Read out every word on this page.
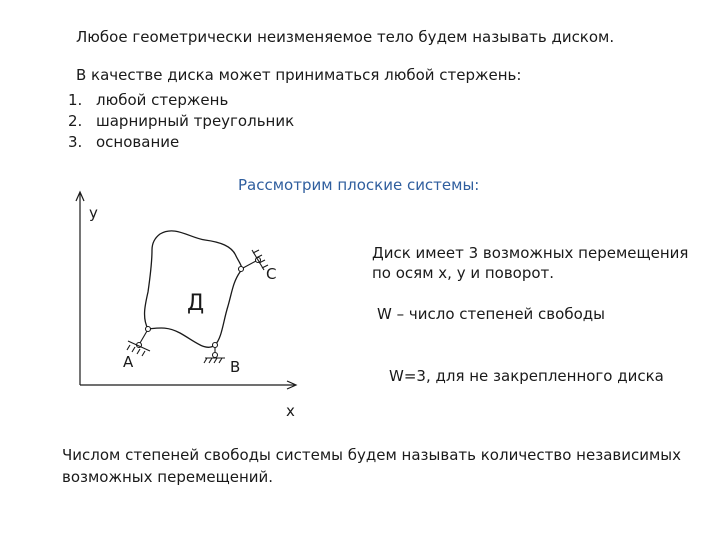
Любое геометрически неизменяемое тело будем называть диском.
В качестве диска может приниматься любой стержень:
1. любой стержень
2. шарнирный треугольник
3. основание
Рассмотрим плоские системы:
y
x
Д
А	В
С
Диск имеет 3 возможных перемещения
по осям х, у и поворот.
W – число степеней свободы
W=3, для не закрепленного диска
Числом степеней свободы системы будем называть количество независимых
возможных перемещений.
